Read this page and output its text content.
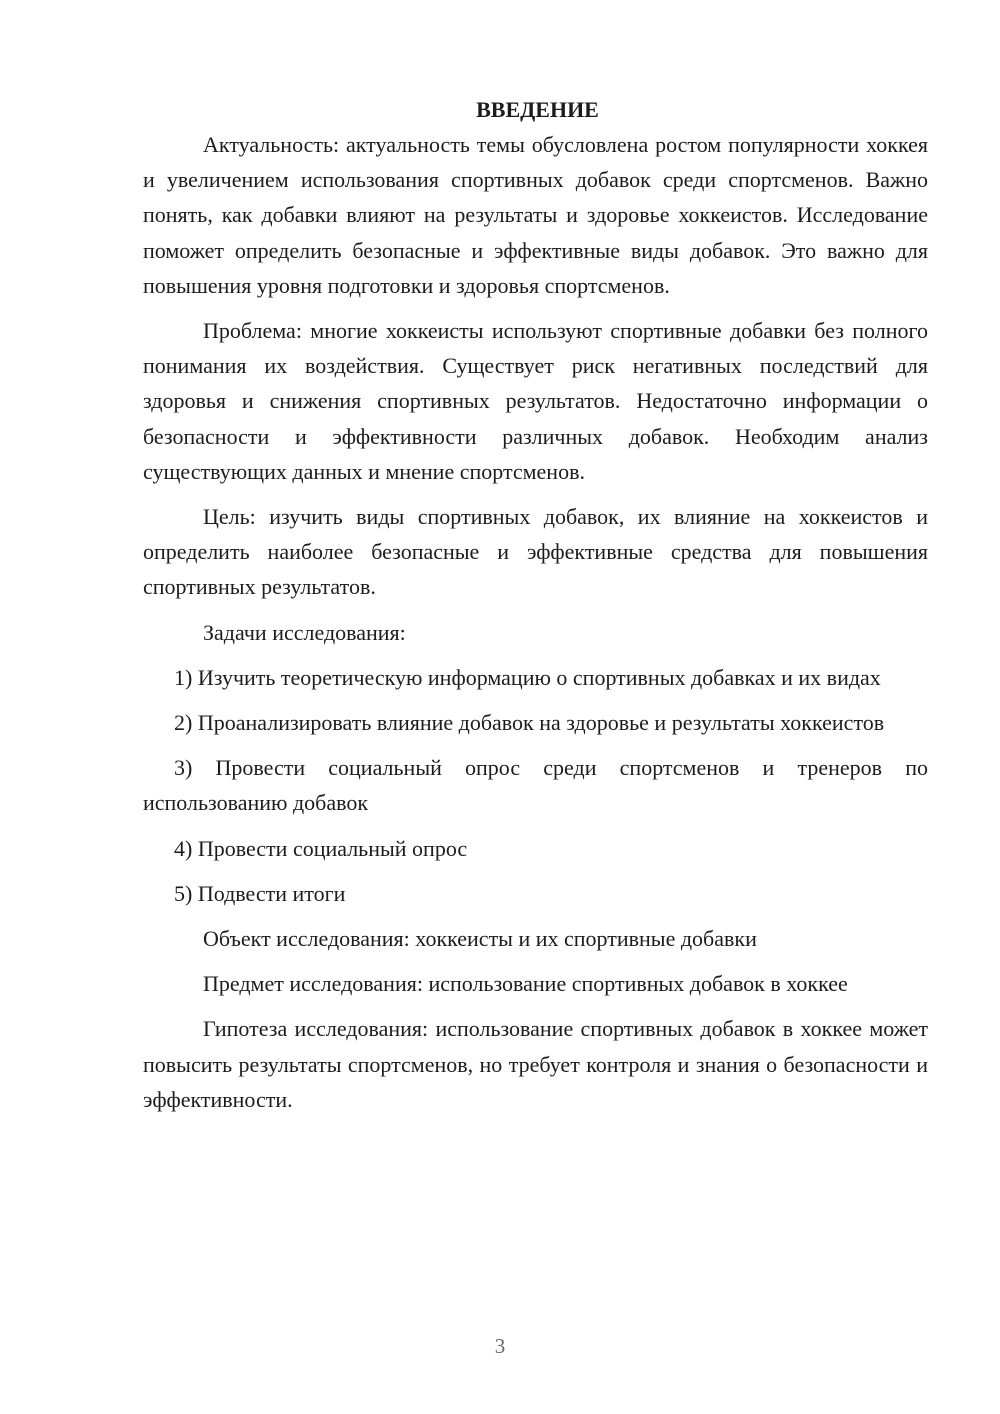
ВВЕДЕНИЕ

Актуальность: актуальность темы обусловлена ростом популярности хоккея и увеличением использования спортивных добавок среди спортсменов. Важно понять, как добавки влияют на результаты и здоровье хоккеистов. Исследование поможет определить безопасные и эффективные виды добавок. Это важно для повышения уровня подготовки и здоровья спортсменов.

Проблема: многие хоккеисты используют спортивные добавки без полного понимания их воздействия. Существует риск негативных последствий для здоровья и снижения спортивных результатов. Недостаточно информации о безопасности и эффективности различных добавок. Необходим анализ существующих данных и мнение спортсменов.

Цель: изучить виды спортивных добавок, их влияние на хоккеистов и определить наиболее безопасные и эффективные средства для повышения спортивных результатов.

Задачи исследования:

1) Изучить теоретическую информацию о спортивных добавках и их видах

2) Проанализировать влияние добавок на здоровье и результаты хоккеистов

3) Провести социальный опрос среди спортсменов и тренеров по использованию добавок

4) Провести социальный опрос

5) Подвести итоги

Объект исследования: хоккеисты и их спортивные добавки

Предмет исследования: использование спортивных добавок в хоккее

Гипотеза исследования: использование спортивных добавок в хоккее может повысить результаты спортсменов, но требует контроля и знания о безопасности и эффективности.

3
